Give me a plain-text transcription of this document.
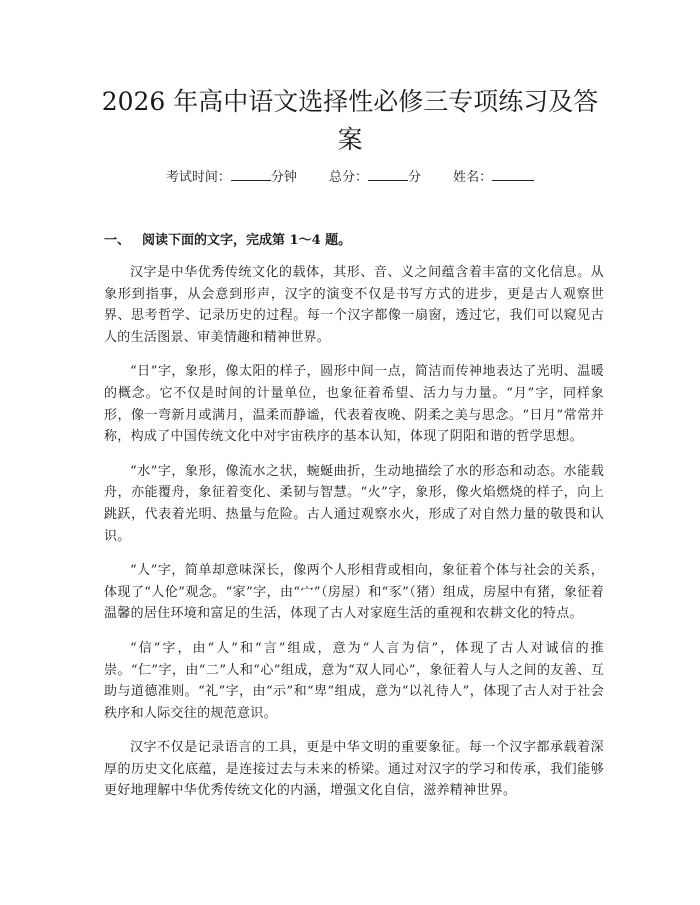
2026 年高中语文选择性必修三专项练习及答案
考试时间：	分钟 总分：	分 姓名：
一、 阅读下面的文字，完成第 1～4 题。

汉字是中华优秀传统文化的载体，其形、音、义之间蕴含着丰富的文化信息。从象形到指事，从会意到形声，汉字的演变不仅是书写方式的进步，更是古人观察世界、思考哲学、记录历史的过程。每一个汉字都像一扇窗，透过它，我们可以窥见古人的生活图景、审美情趣和精神世界。

“日”字，象形，像太阳的样子，圆形中间一点，简洁而传神地表达了光明、温暖的概念。它不仅是时间的计量单位，也象征着希望、活力与力量。“月”字，同样象形，像一弯新月或满月，温柔而静谧，代表着夜晚、阴柔之美与思念。“日月”常常并称，构成了中国传统文化中对宇宙秩序的基本认知，体现了阴阳和谐的哲学思想。

“水”字，象形，像流水之状，蜿蜒曲折，生动地描绘了水的形态和动态。水能载舟，亦能覆舟，象征着变化、柔韧与智慧。“火”字，象形，像火焰燃烧的样子，向上跳跃，代表着光明、热量与危险。古人通过观察水火，形成了对自然力量的敬畏和认识。

“人”字，简单却意味深长，像两个人形相背或相向，象征着个体与社会的关系，体现了“人伦”观念。“家”字，由“宀”（房屋）和“豕”（猪）组成，房屋中有猪，象征着温馨的居住环境和富足的生活，体现了古人对家庭生活的重视和农耕文化的特点。

“信”字，由“人”和“言”组成，意为“人言为信”，体现了古人对诚信的推崇。“仁”字，由“二”人和“心”组成，意为“双人同心”，象征着人与人之间的友善、互助与道德准则。“礼”字，由“示”和“卑”组成，意为“以礼待人”，体现了古人对于社会秩序和人际交往的规范意识。

汉字不仅是记录语言的工具，更是中华文明的重要象征。每一个汉字都承载着深厚的历史文化底蕴，是连接过去与未来的桥梁。通过对汉字的学习和传承，我们能够更好地理解中华优秀传统文化的内涵，增强文化自信，滋养精神世界。
